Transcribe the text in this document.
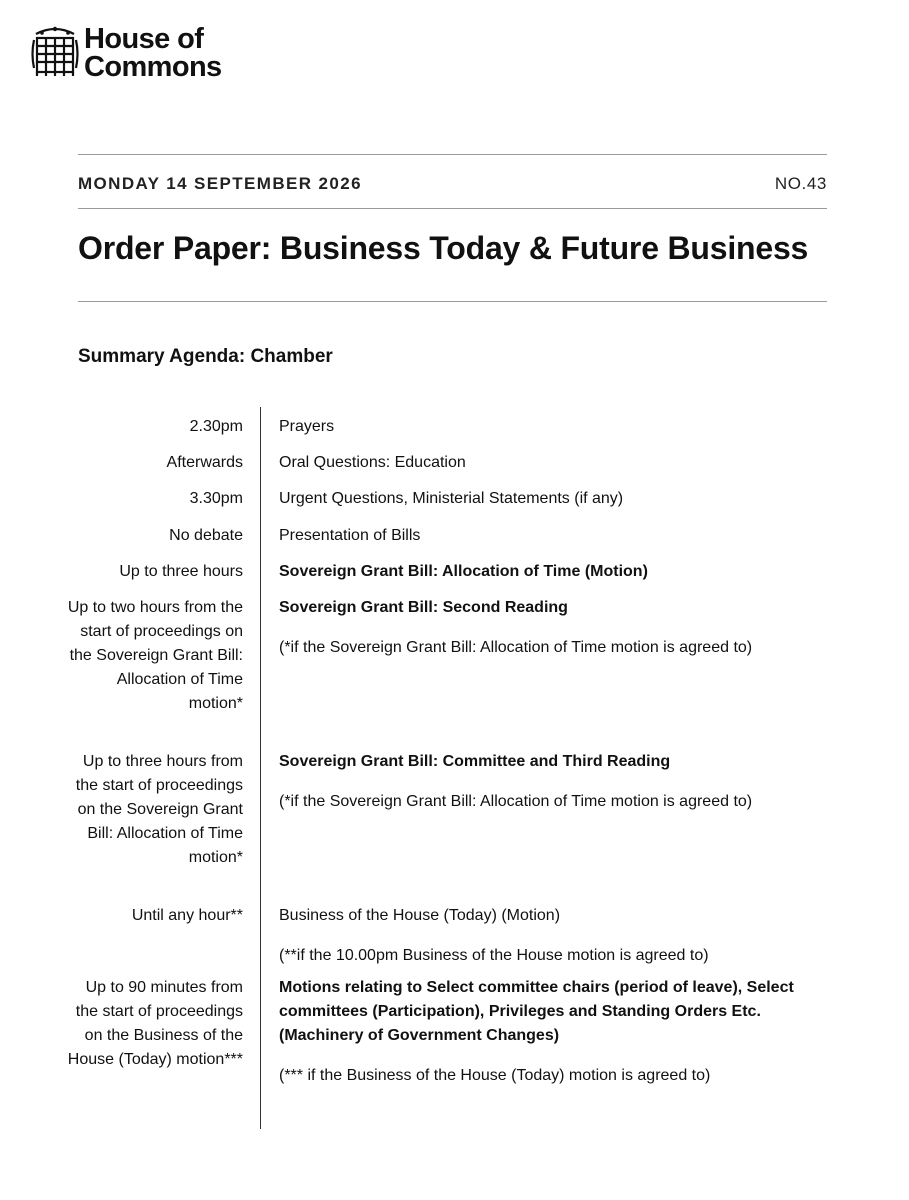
House of
Commons
MONDAY 14 SEPTEMBER 2026	NO.43
Order Paper: Business Today & Future Business
Summary Agenda: Chamber
2.30pm Prayers
Afterwards Oral Questions: Education
3.30pm Urgent Questions, Ministerial Statements (if any)
No debate Presentation of Bills
Up to three hours Sovereign Grant Bill: Allocation of Time (Motion)
Up to two hours from the start of proceedings on the Sovereign Grant Bill: Allocation of Time motion*
Sovereign Grant Bill: Second Reading
(*if the Sovereign Grant Bill: Allocation of Time motion is agreed to)
Up to three hours from the start of proceedings on the Sovereign Grant Bill: Allocation of Time motion*
Sovereign Grant Bill: Committee and Third Reading
(*if the Sovereign Grant Bill: Allocation of Time motion is agreed to)
Until any hour** Business of the House (Today) (Motion)
(**if the 10.00pm Business of the House motion is agreed to)
Up to 90 minutes from the start of proceedings on the Business of the House (Today) motion***
Motions relating to Select committee chairs (period of leave), Select committees (Participation), Privileges and Standing Orders Etc. (Machinery of Government Changes)
(*** if the Business of the House (Today) motion is agreed to)
